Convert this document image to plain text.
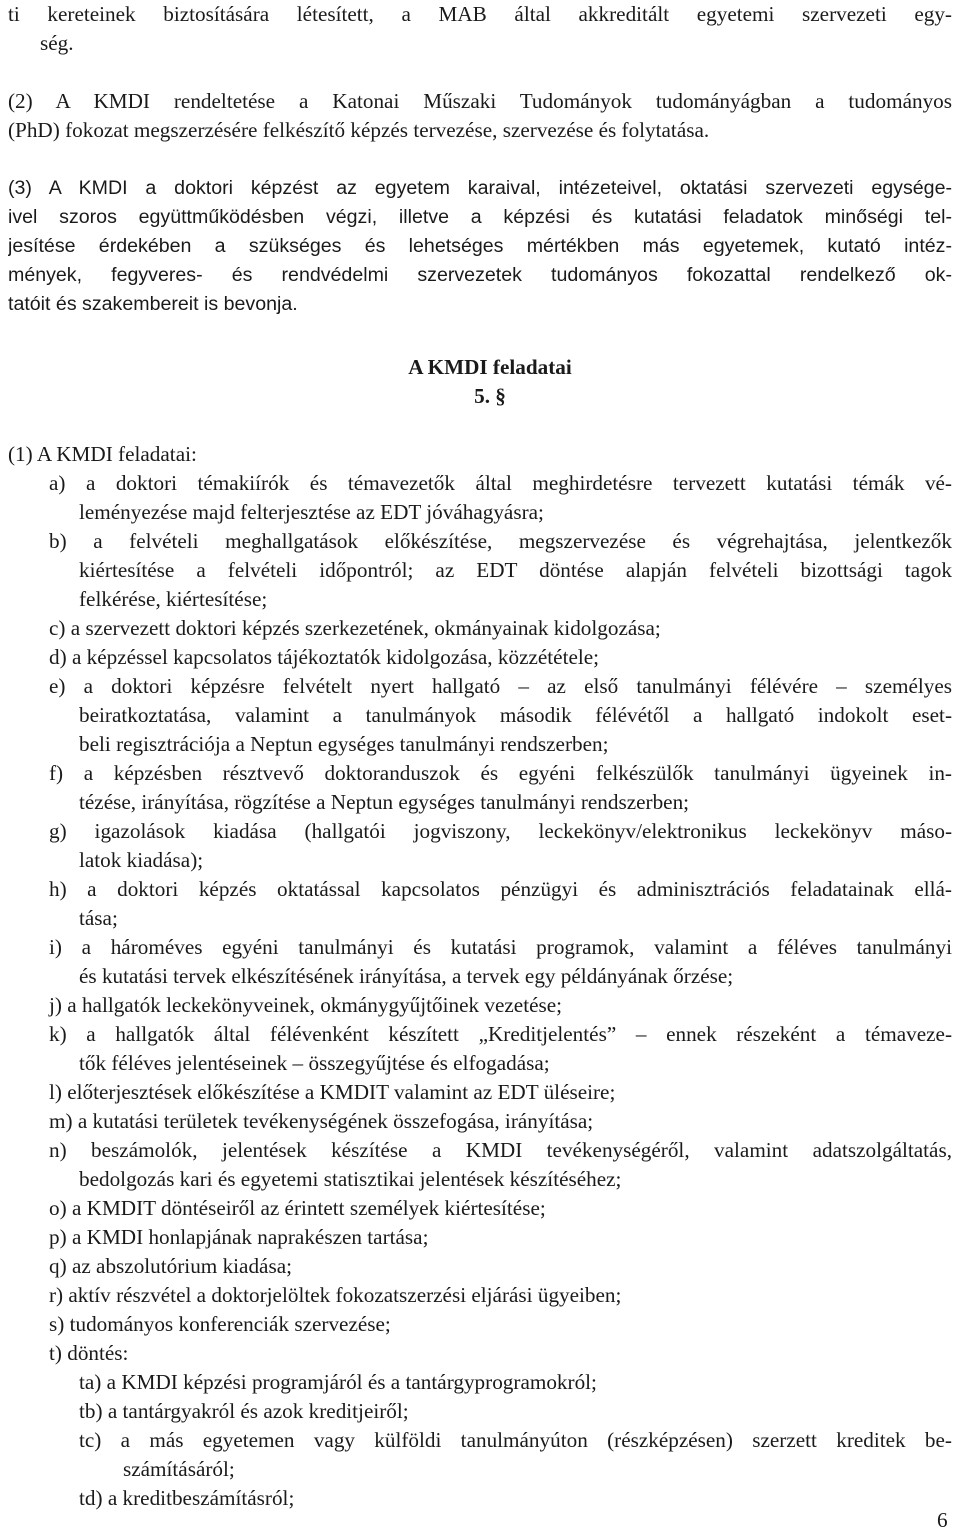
ti kereteinek biztosítására létesített, a MAB által akkreditált egyetemi szervezeti egy-
ség.
(2) A KMDI rendeltetése a Katonai Műszaki Tudományok tudományágban a tudományos
(PhD) fokozat megszerzésére felkészítő képzés tervezése, szervezése és folytatása.
(3) A KMDI a doktori képzést az egyetem karaival, intézeteivel, oktatási szervezeti egysége-
ivel szoros együttműködésben végzi, illetve a képzési és kutatási feladatok minőségi tel-
jesítése érdekében a szükséges és lehetséges mértékben más egyetemek, kutató intéz-
mények, fegyveres- és rendvédelmi szervezetek tudományos fokozattal rendelkező ok-
tatóit és szakembereit is bevonja.
A KMDI feladatai
5. §
(1) A KMDI feladatai:
a) a doktori témakiírók és témavezetők által meghirdetésre tervezett kutatási témák vé-
leményezése majd felterjesztése az EDT jóváhagyásra;
b) a felvételi meghallgatások előkészítése, megszervezése és végrehajtása, jelentkezők
kiértesítése a felvételi időpontról; az EDT döntése alapján felvételi bizottsági tagok
felkérése, kiértesítése;
c) a szervezett doktori képzés szerkezetének, okmányainak kidolgozása;
d) a képzéssel kapcsolatos tájékoztatók kidolgozása, közzététele;
e) a doktori képzésre felvételt nyert hallgató – az első tanulmányi félévére – személyes
beiratkoztatása, valamint a tanulmányok második félévétől a hallgató indokolt eset-
beli regisztrációja a Neptun egységes tanulmányi rendszerben;
f) a képzésben résztvevő doktoranduszok és egyéni felkészülők tanulmányi ügyeinek in-
tézése, irányítása, rögzítése a Neptun egységes tanulmányi rendszerben;
g) igazolások kiadása (hallgatói jogviszony, leckekönyv/elektronikus leckekönyv máso-
latok kiadása);
h) a doktori képzés oktatással kapcsolatos pénzügyi és adminisztrációs feladatainak ellá-
tása;
i) a hároméves egyéni tanulmányi és kutatási programok, valamint a féléves tanulmányi
és kutatási tervek elkészítésének irányítása, a tervek egy példányának őrzése;
j) a hallgatók leckekönyveinek, okmánygyűjtőinek vezetése;
k) a hallgatók által félévenként készített „Kreditjelentés” – ennek részeként a témaveze-
tők féléves jelentéseinek – összegyűjtése és elfogadása;
l) előterjesztések előkészítése a KMDIT valamint az EDT üléseire;
m) a kutatási területek tevékenységének összefogása, irányítása;
n) beszámolók, jelentések készítése a KMDI tevékenységéről, valamint adatszolgáltatás,
bedolgozás kari és egyetemi statisztikai jelentések készítéséhez;
o) a KMDIT döntéseiről az érintett személyek kiértesítése;
p) a KMDI honlapjának naprakészen tartása;
q) az abszolutórium kiadása;
r) aktív részvétel a doktorjelöltek fokozatszerzési eljárási ügyeiben;
s) tudományos konferenciák szervezése;
t) döntés:
ta) a KMDI képzési programjáról és a tantárgyprogramokról;
tb) a tantárgyakról és azok kreditjeiről;
tc) a más egyetemen vagy külföldi tanulmányúton (részképzésen) szerzett kreditek be-
számításáról;
td) a kreditbeszámításról;
6
